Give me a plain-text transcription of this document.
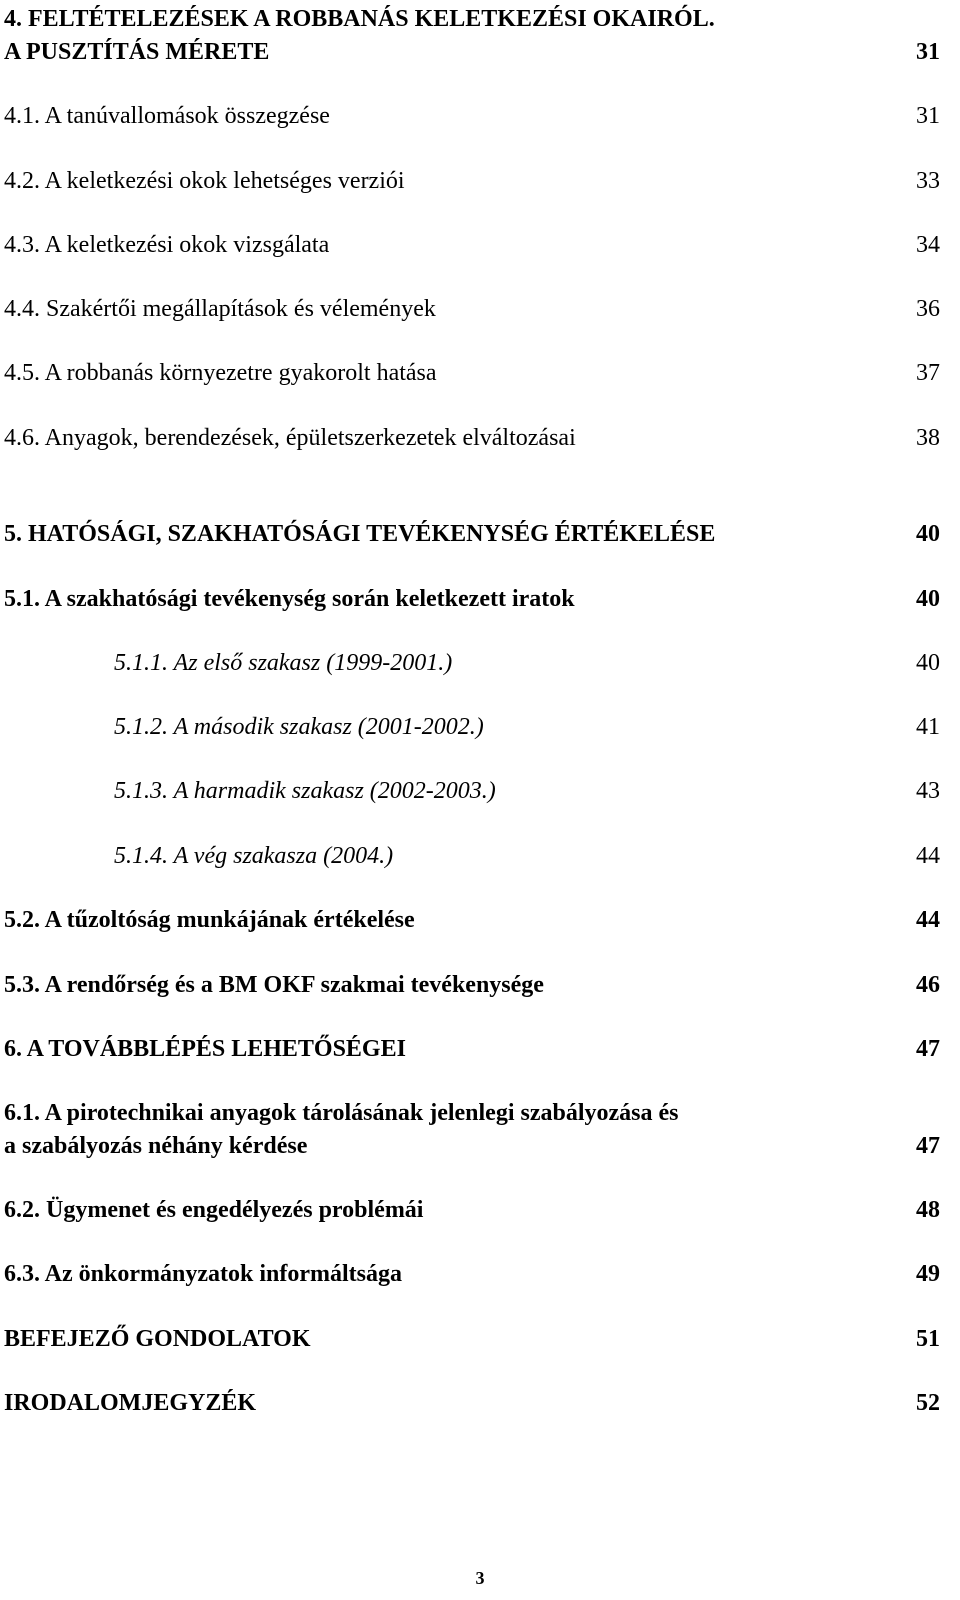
4. FELTÉTELEZÉSEK A ROBBANÁS KELETKEZÉSI OKAIRÓL.
A PUSZTÍTÁS MÉRETE	31
4.1. A tanúvallomások összegzése	31
4.2. A keletkezési okok lehetséges verziói	33
4.3. A keletkezési okok vizsgálata	34
4.4. Szakértői megállapítások és vélemények	36
4.5. A robbanás környezetre gyakorolt hatása	37
4.6. Anyagok, berendezések, épületszerkezetek elváltozásai	38
5. HATÓSÁGI, SZAKHATÓSÁGI TEVÉKENYSÉG ÉRTÉKELÉSE	40
5.1. A szakhatósági tevékenység során keletkezett iratok	40
5.1.1. Az első szakasz (1999-2001.)	40
5.1.2. A második szakasz (2001-2002.)	41
5.1.3. A harmadik szakasz (2002-2003.)	43
5.1.4. A vég szakasza (2004.)	44
5.2. A tűzoltóság munkájának értékelése	44
5.3. A rendőrség és a BM OKF szakmai tevékenysége	46
6. A TOVÁBBLÉPÉS LEHETŐSÉGEI	47
6.1. A pirotechnikai anyagok tárolásának jelenlegi szabályozása és
a szabályozás néhány kérdése	47
6.2. Ügymenet és engedélyezés problémái	48
6.3. Az önkormányzatok informáltsága	49
BEFEJEZŐ GONDOLATOK	51
IRODALOMJEGYZÉK	52
3
